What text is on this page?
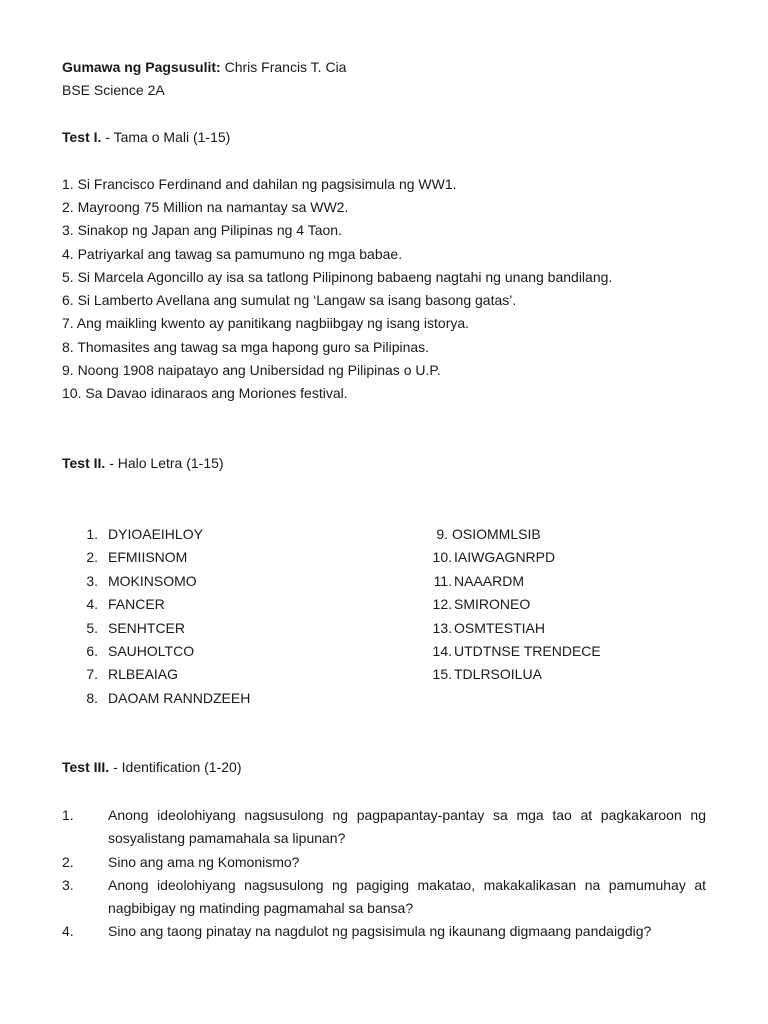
Gumawa ng Pagsusulit: Chris Francis T. Cia
BSE Science 2A
Test I. - Tama o Mali (1-15)
1. Si Francisco Ferdinand and dahilan ng pagsisimula ng WW1.
2. Mayroong 75 Million na namantay sa WW2.
3. Sinakop ng Japan ang Pilipinas ng 4 Taon.
4. Patriyarkal ang tawag sa pamumuno ng mga babae.
5. Si Marcela Agoncillo ay isa sa tatlong Pilipinong babaeng nagtahi ng unang bandilang.
6. Si Lamberto Avellana ang sumulat ng ‘Langaw sa isang basong gatas’.
7. Ang maikling kwento ay panitikang nagbiibgay ng isang istorya.
8. Thomasites ang tawag sa mga hapong guro sa Pilipinas.
9. Noong 1908 naipatayo ang Unibersidad ng Pilipinas o U.P.
10. Sa Davao idinaraos ang Moriones festival.
Test II. - Halo Letra (1-15)
1. DYIOAEIHLOY
2. EFMIISNOM
3. MOKINSOMO
4. FANCER
5. SENHTCER
6. SAUHOLTCO
7. RLBEAIAG
8. DAOAM RANNDZEEH
9. OSIOMMLSIB
10. IAIWGAGNRPD
11. NAAARDM
12. SMIRONEO
13. OSMTESTIAH
14. UTDTNSE TRENDECE
15. TDLRSOILUA
Test III. - Identification (1-20)
1.	Anong ideolohiyang nagsusulong ng pagpapantay-pantay sa mga tao at pagkakaroon ng sosyalistang pamamahala sa lipunan?
2.	Sino ang ama ng Komonismo?
3.	Anong ideolohiyang nagsusulong ng pagiging makatao, makakalikasan na pamumuhay at nagbibigay ng matinding pagmamahal sa bansa?
4.	Sino ang taong pinatay na nagdulot ng pagsisimula ng ikaunang digmaang pandaigdig?
